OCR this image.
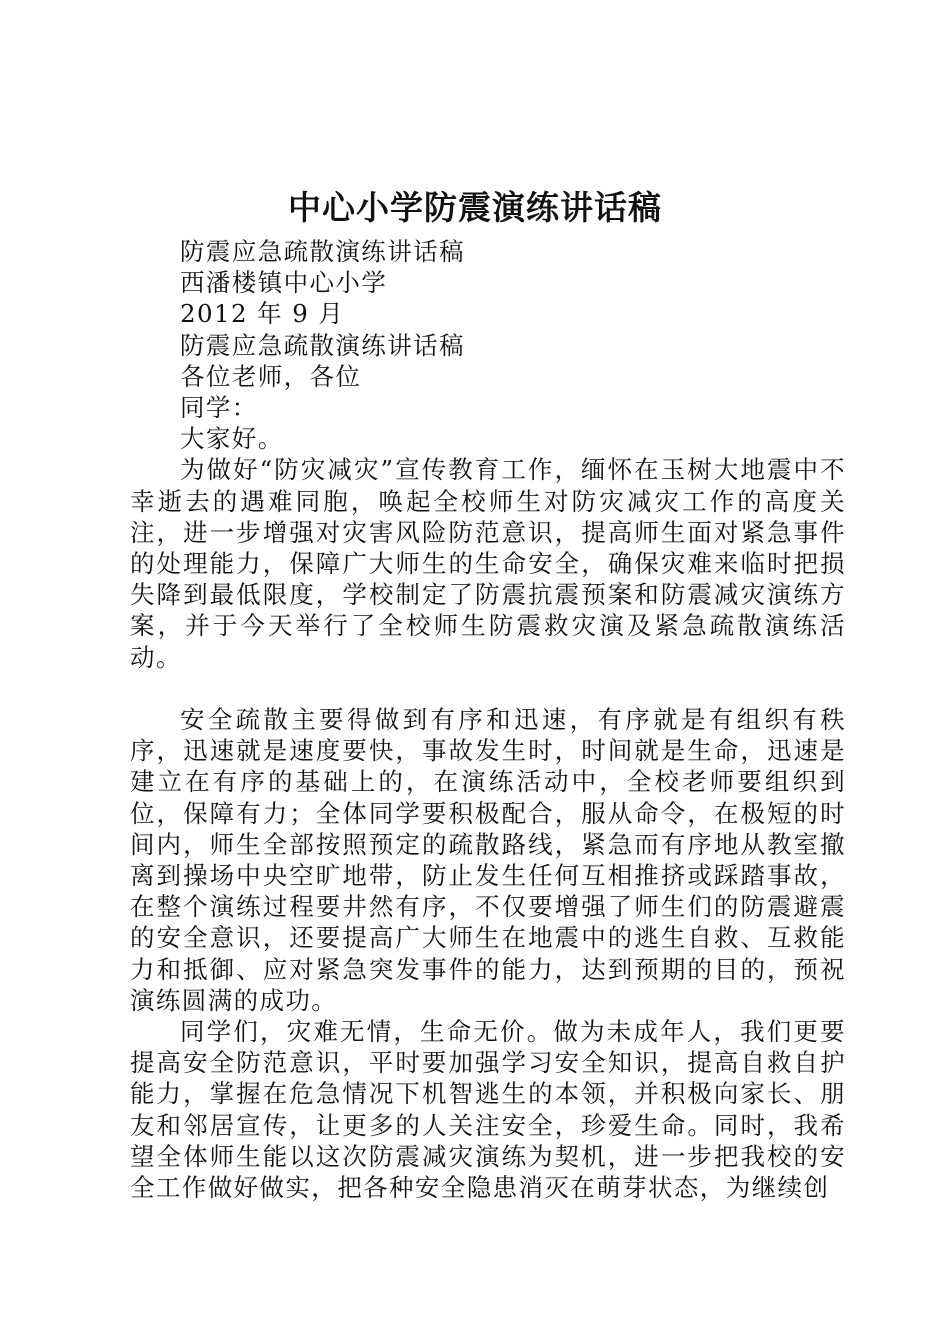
中心小学防震演练讲话稿

防震应急疏散演练讲话稿

西潘楼镇中心小学

2012 年 9 月

防震应急疏散演练讲话稿

各位老师，各位

同学：

大家好。

为做好“防灾减灾”宣传教育工作，缅怀在玉树大地震中不幸逝去的遇难同胞，唤起全校师生对防灾减灾工作的高度关注，进一步增强对灾害风险防范意识，提高师生面对紧急事件的处理能力，保障广大师生的生命安全，确保灾难来临时把损失降到最低限度，学校制定了防震抗震预案和防震减灾演练方案，并于今天举行了全校师生防震救灾演及紧急疏散演练活动。

安全疏散主要得做到有序和迅速，有序就是有组织有秩序，迅速就是速度要快，事故发生时，时间就是生命，迅速是建立在有序的基础上的，在演练活动中，全校老师要组织到位，保障有力；全体同学要积极配合，服从命令，在极短的时间内，师生全部按照预定的疏散路线，紧急而有序地从教室撤离到操场中央空旷地带，防止发生任何互相推挤或踩踏事故，在整个演练过程要井然有序，不仅要增强了师生们的防震避震的安全意识，还要提高广大师生在地震中的逃生自救、互救能力和抵御、应对紧急突发事件的能力，达到预期的目的，预祝演练圆满的成功。

同学们，灾难无情，生命无价。做为未成年人，我们更要提高安全防范意识，平时要加强学习安全知识，提高自救自护能力，掌握在危急情况下机智逃生的本领，并积极向家长、朋友和邻居宣传，让更多的人关注安全，珍爱生命。同时，我希望全体师生能以这次防震减灾演练为契机，进一步把我校的安全工作做好做实，把各种安全隐患消灭在萌芽状态，为继续创
